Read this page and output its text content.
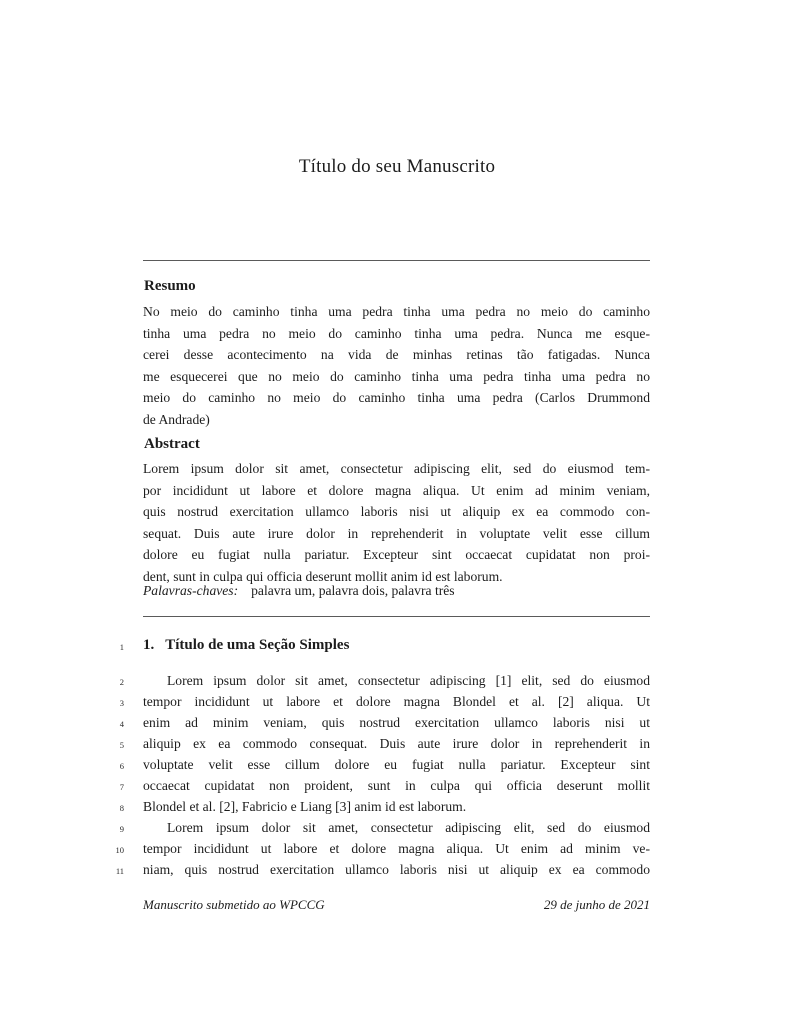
Título do seu Manuscrito
Resumo
No meio do caminho tinha uma pedra tinha uma pedra no meio do caminho
tinha uma pedra no meio do caminho tinha uma pedra. Nunca me esque-
cerei desse acontecimento na vida de minhas retinas tão fatigadas. Nunca
me esquecerei que no meio do caminho tinha uma pedra tinha uma pedra no
meio do caminho no meio do caminho tinha uma pedra (Carlos Drummond
de Andrade)
Abstract
Lorem ipsum dolor sit amet, consectetur adipiscing elit, sed do eiusmod tem-
por incididunt ut labore et dolore magna aliqua. Ut enim ad minim veniam,
quis nostrud exercitation ullamco laboris nisi ut aliquip ex ea commodo con-
sequat. Duis aute irure dolor in reprehenderit in voluptate velit esse cillum
dolore eu fugiat nulla pariatur. Excepteur sint occaecat cupidatat non proi-
dent, sunt in culpa qui officia deserunt mollit anim id est laborum.
Palavras-chaves: palavra um, palavra dois, palavra três
1 1. Título de uma Seção Simples
2	Lorem ipsum dolor sit amet, consectetur adipiscing [1] elit, sed do eiusmod
3 tempor incididunt ut labore et dolore magna Blondel et al. [2] aliqua. Ut
4 enim ad minim veniam, quis nostrud exercitation ullamco laboris nisi ut
5 aliquip ex ea commodo consequat. Duis aute irure dolor in reprehenderit in
6 voluptate velit esse cillum dolore eu fugiat nulla pariatur. Excepteur sint
7 occaecat cupidatat non proident, sunt in culpa qui officia deserunt mollit
8 Blondel et al. [2], Fabricio e Liang [3] anim id est laborum.
9	Lorem ipsum dolor sit amet, consectetur adipiscing elit, sed do eiusmod
10 tempor incididunt ut labore et dolore magna aliqua. Ut enim ad minim ve-
11 niam, quis nostrud exercitation ullamco laboris nisi ut aliquip ex ea commodo
Manuscrito submetido ao WPCCG	29 de junho de 2021
